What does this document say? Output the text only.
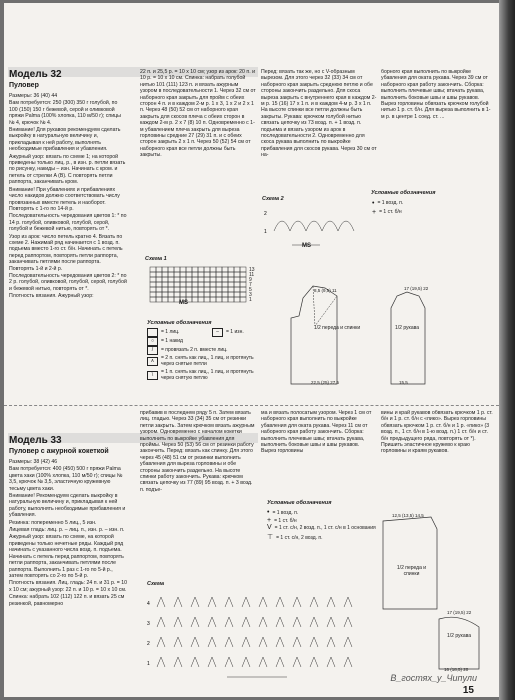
Модель 32
Пуловер

Размеры: 36 (40) 44

Вам потребуется: 250 (300) 350 г голубой, по 100 (150) 150 г бежевой, серой и оливковой пряжи Palma (100% хлопка, 110 м/50 г); спицы № 4, крючок № 4.

Внимание! Для рукавов рекомендуем сделать выкройку в натуральную величину и, прикладывая к ней работу, выполнять необходимые прибавления и убавления.

Ажурный узор: вязать по схеме 1; на которой приведены только лиц. р., в изн. р. петли вязать по рисунку, накиды – изн. Начинать с кром. и петель от стрелки A (B). С повторять петли раппорта, заканчивать кром.

Внимание! При убавлениях и прибавлениях число накидов должно соответствовать числу провязанных вместе петель и наоборот. Повторять с 1-го по 14-й р.

Последовательность чередования цветов 1: * по 14 р. голубой, оливковой, голубой, серой, голубой и бежевой нитью, повторять от *.

Узор из арок: число петель кратно 4. Вязать по схеме 2. Нажимай ряд начинается с 1 возд. п. подъема вместо 1-го ст. б/н. Начинать с петель перед раппортом, повторять петли раппорта, заканчивать петлями после раппорта. Повторять 1-й и 2-й р.

Последовательность чередования цветов 2: * по 2 р. голубой, оливковой, голубой, серой, голубой и бежевой нитью, повторять от *.

Плотность вязания. Ажурный узор:

22 п. и 25,5 р. = 10 х 10 см; узор из арок: 20 п. и 10 р. = 10 х 10 см. Спинка: набрать голубой нитью 101 (111) 123 п. и вязать ажурным узором в последовательности 1. Через 32 см от наборного края закрыть для пройм с обеих сторон 4 п. и в каждом 2-м р. 1 х 3, 1 х 2 и 2 х 1 п. Через 48 (50) 52 см от наборного края закрыть для скосов плеча с обеих сторон в каждом 2-м р. 2 х 7 (8) 10 п. Одновременно с 1-м убавлением плеча закрыть для выреза горловины средние 27 (29) 31 п. и с обеих сторон закрыть 2 х 1 п. Через 50 (52) 54 см от наборного края все петли должны быть закрыты.

Перед: вязать так же, но с V-образным вырезом. Для этого через 32 (33) 34 см от наборного края закрыть среднюю петлю и обе стороны закончить раздельно. Для скоса выреза закрыть с внутреннего края в каждом 2-м р. 15 (16) 17 х 1 п. и в каждом 4-м р. 3 х 1 п. На высоте спинки все петли должны быть закрыты. Рукава: крючком голубой нитью связать цепочку из 73 возд. п. + 1 возд. п. подъема и вязать узором из арок в последовательности 2. Одновременно для скоса рукава выполнить по выкройке прибавления для скосов рукава. Через 30 см от на-

борного края выполнить по выкройке убавления для оката рукава. Через 39 см от наборного края работу закончить. Сборка: выполнить плечевые швы; втачать рукава, выполнить боковые швы и швы рукавов. Вырез горловины обвязать крючком голубой нитью 1 р. ст. б/н. Для выреза выполнить в 1-м р. в центре 1 соед. ст. ...

Схема 1
13
11
9
7
5
3
1
MS
Условные обозначения
= 1 лиц.
○	= 1 накид
/	= провязать 2 п. вместе лиц.
∧	= 2 п. снять как лиц., 1 лиц. и протянуть через снятые петли
\	= 1 п. снять как лиц., 1 лиц. и протянуть через снятую петлю
–	= 1 изн.
Схема 2
2
1
MS
Условные обозначения
• = 1 возд. п.
+ = 1 ст. б/н
1/2 переда и спинки	1/2 рукава
22,5 (25) 27,5
8,5 (9,5) 11	17 (19,5) 22
15,5
Модель 33
Пуловер с ажурной кокеткой

Размеры: 38 (42) 46

Вам потребуется: 400 (450) 500 г пряжи Palma цвета хаки (100% хлопка, 110 м/50 г); спицы № 3,5, крючок № 3,5, эластичную кружевную тесьму цвета хаки.

Внимание! Рекомендуем сделать выкройку в натуральную величину и, прикладывая к ней работу, выполнять необходимые прибавления и убавления.

Резинка: попеременно 5 лиц., 5 изн.

Лицевая гладь: лиц. р. – лиц. п., изн. р. – изн. п.

Ажурный узор: вязать по схеме, на которой приведены только нечетные ряды. Каждый ряд начинать с указанного числа возд. п. подъема. Начинать с петель перед раппортом, повторять петли раппорта, заканчивать петлями после раппорта. Выполнить 1 раз с 1-го по 5-й р., затем повторять со 2-го по 5-й р.

Плотность вязания. Лиц. гладь: 24 п. и 31 р. = 10 х 10 см; ажурный узор: 22 п. и 10 р. = 10 х 10 см.

Спинка: набрать 102 (112) 122 п. и вязать 25 см резинкой, равномерно

прибавив в последнем ряду 5 п. Затем вязать лиц. гладью. Через 33 (34) 35 см от резинки петли закрыть. Затем крючком вязать ажурным узором. Одновременно с началом кокетки выполнить по выкройке убавления для проймы. Через 50 (53) 56 см от резинки работу закончить. Перед: вязать как спинку. Для этого через 45 (48) 51 см от резинки выполнить убавления для выреза горловины и обе стороны закончить раздельно. На высоте спинки работу закончить. Рукава: крючком связать цепочку из 77 (89) 95 возд. п. + 3 возд. п. подъе-

ма и вязать полосатым узором. Через 1 см от наборного края выполнить по выкройке убавления для оката рукава. Через 11 см от наборного края работу закончить. Сборка: выполнить плечевые швы; втачать рукава, выполнить боковые швы и швы рукавов. Вырез горловины

вины и край рукавов обвязать крючком 1 р. ст. б/н и 1 р. ст. б/н с «пико». Вырез горловины обвязать крючком 1 р. ст. б/н и 1 р. «пико» (3 возд. п., 1 ст. б/н в 1-ю возд. п.) 1 ст. б/н и ст. б/н предыдущего ряда, повторять от *). Пришить эластичное кружево к краю горловины и краям рукавов.

Условные обозначения
• = 1 возд. п.
+ = 1 ст. б/н
V = 1 ст. с/н, 2 возд. п., 1 ст. с/н в 1 основания
⊤ = 1 ст. с/н, 2 возд. п.
Схема
4
3
2
1
1/2 переда и спинки
1/2 рукава
12,5 (13,5) 14,5
17 (19,5) 22
16 (18,5) 20
В_гостях_у_Чипули
15
